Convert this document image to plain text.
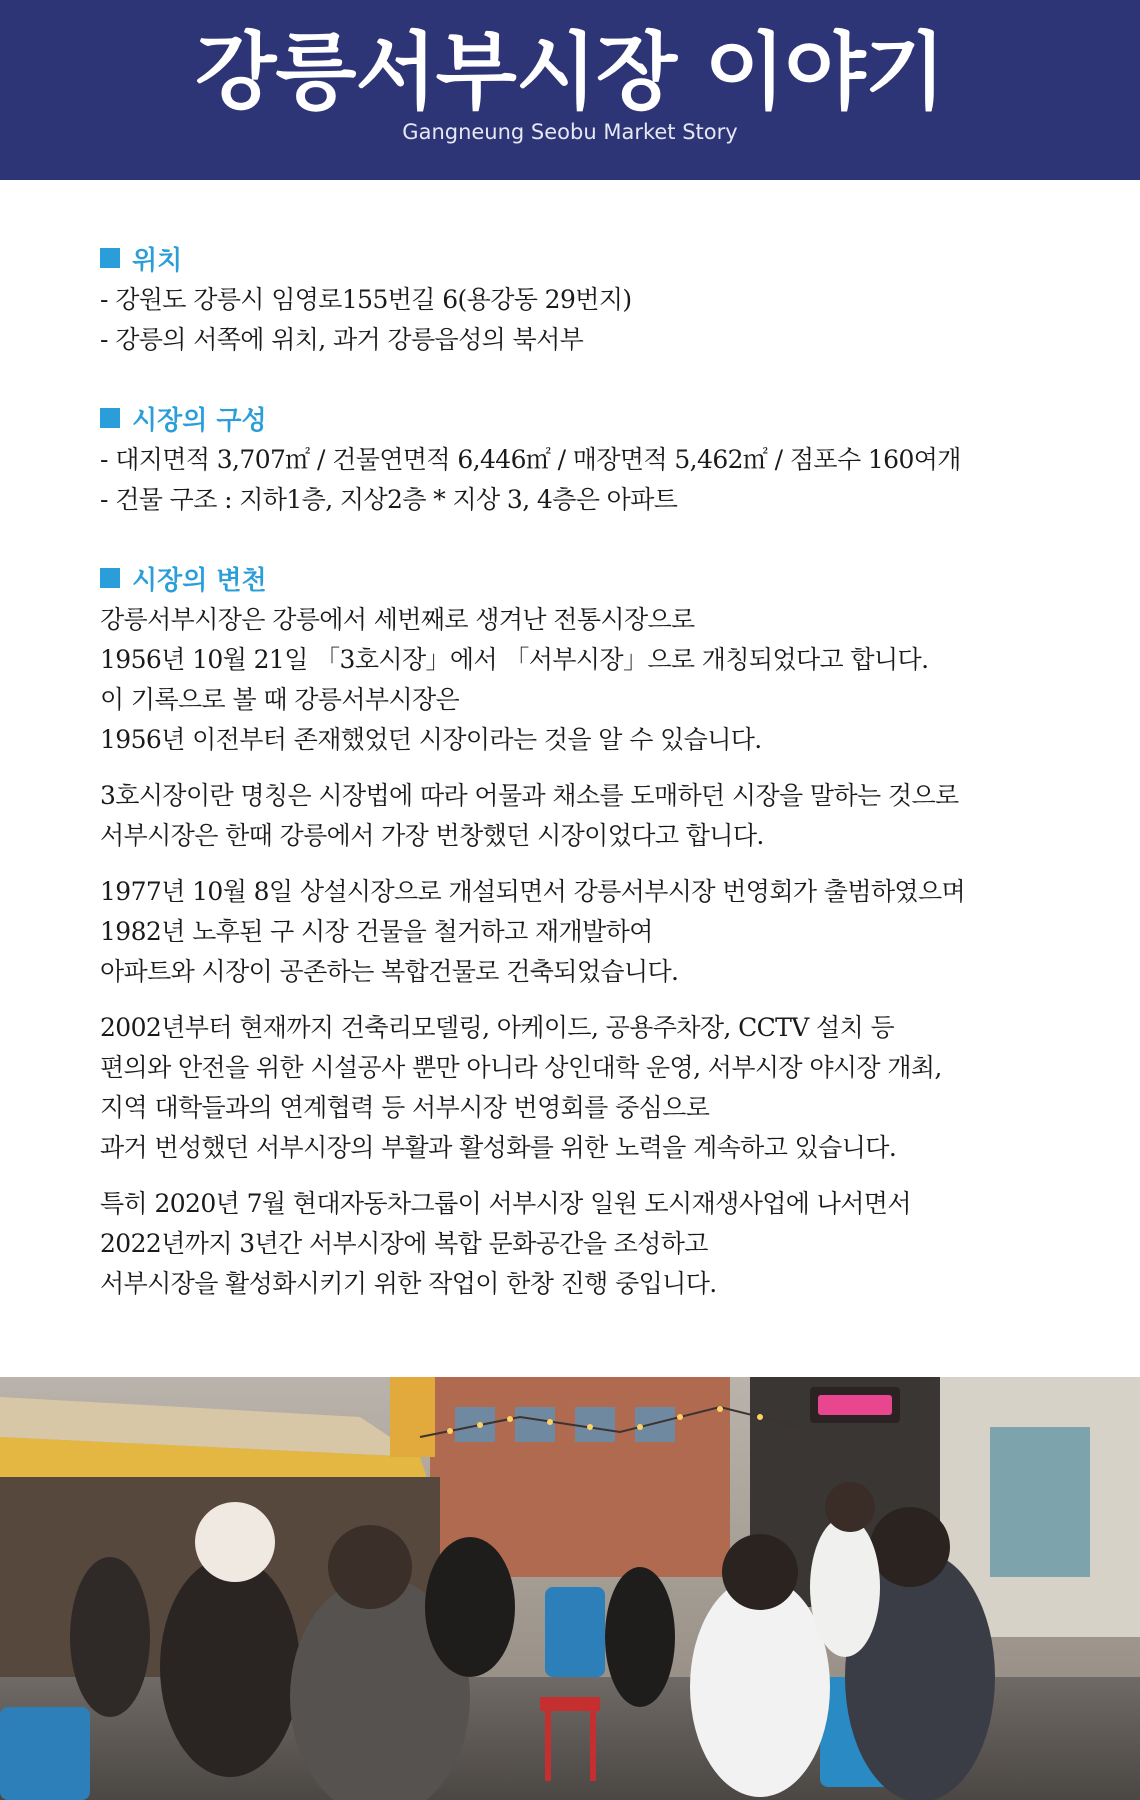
강릉서부시장 이야기
Gangneung Seobu Market Story
위치
- 강원도 강릉시 임영로155번길 6(용강동 29번지)
- 강릉의 서쪽에 위치, 과거 강릉읍성의 북서부
시장의 구성
- 대지면적 3,707㎡ / 건물연면적 6,446㎡ / 매장면적 5,462㎡ / 점포수 160여개
- 건물 구조 : 지하1층, 지상2층 * 지상 3, 4층은 아파트
시장의 변천
강릉서부시장은 강릉에서 세번째로 생겨난 전통시장으로
1956년 10월 21일 「3호시장」에서 「서부시장」으로 개칭되었다고 합니다.
이 기록으로 볼 때 강릉서부시장은
1956년 이전부터 존재했었던 시장이라는 것을 알 수 있습니다.
3호시장이란 명칭은 시장법에 따라 어물과 채소를 도매하던 시장을 말하는 것으로
서부시장은 한때 강릉에서 가장 번창했던 시장이었다고 합니다.
1977년 10월 8일 상설시장으로 개설되면서 강릉서부시장 번영회가 출범하였으며
1982년 노후된 구 시장 건물을 철거하고 재개발하여
아파트와 시장이 공존하는 복합건물로 건축되었습니다.
2002년부터 현재까지 건축리모델링, 아케이드, 공용주차장, CCTV 설치 등
편의와 안전을 위한 시설공사 뿐만 아니라 상인대학 운영, 서부시장 야시장 개최,
지역 대학들과의 연계협력 등 서부시장 번영회를 중심으로
과거 번성했던 서부시장의 부활과 활성화를 위한 노력을 계속하고 있습니다.
특히 2020년 7월 현대자동차그룹이 서부시장 일원 도시재생사업에 나서면서
2022년까지 3년간 서부시장에 복합 문화공간을 조성하고
서부시장을 활성화시키기 위한 작업이 한창 진행 중입니다.
